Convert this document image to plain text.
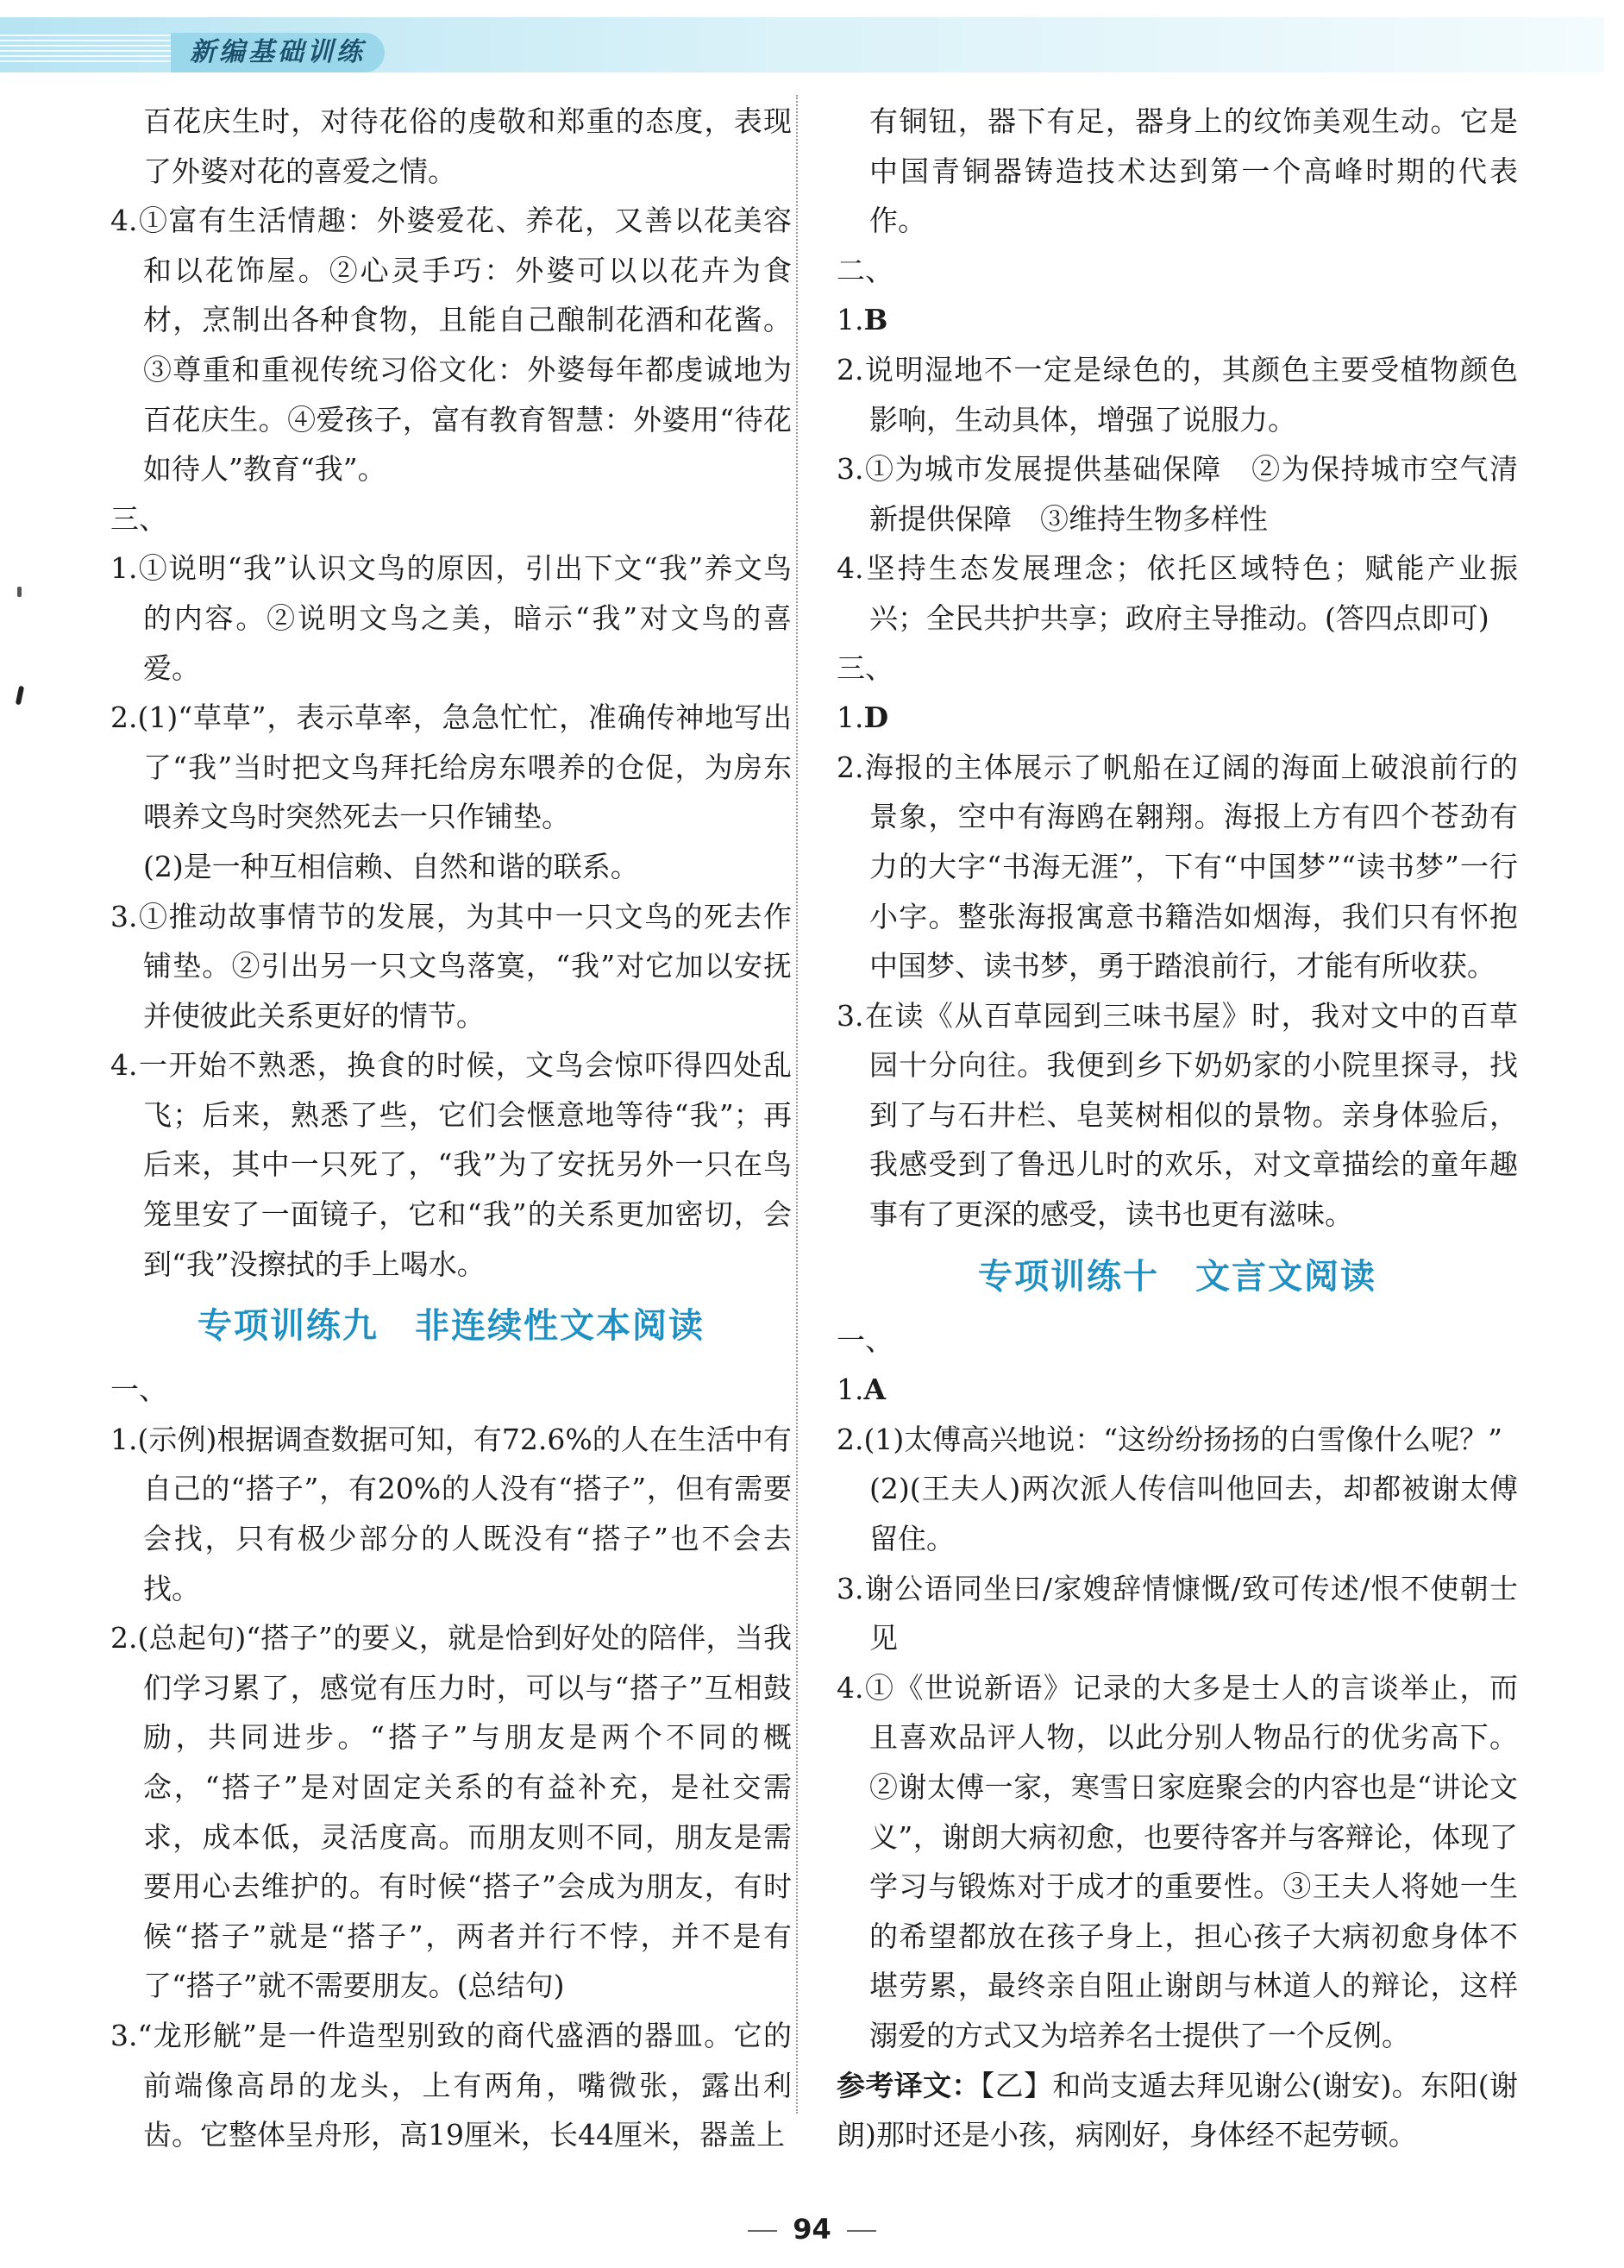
新编基础训练

百花庆生时，对待花俗的虔敬和郑重的态度，表现了外婆对花的喜爱之情。

4.①富有生活情趣：外婆爱花、养花，又善以花美容和以花饰屋。②心灵手巧：外婆可以以花卉为食材，烹制出各种食物，且能自己酿制花酒和花酱。③尊重和重视传统习俗文化：外婆每年都虔诚地为百花庆生。④爱孩子，富有教育智慧：外婆用“待花如待人”教育“我”。

三、

1.①说明“我”认识文鸟的原因，引出下文“我”养文鸟的内容。②说明文鸟之美，暗示“我”对文鸟的喜爱。

2.(1)“草草”，表示草率，急急忙忙，准确传神地写出了“我”当时把文鸟拜托给房东喂养的仓促，为房东喂养文鸟时突然死去一只作铺垫。

(2)是一种互相信赖、自然和谐的联系。

3.①推动故事情节的发展，为其中一只文鸟的死去作铺垫。②引出另一只文鸟落寞，“我”对它加以安抚并使彼此关系更好的情节。

4.一开始不熟悉，换食的时候，文鸟会惊吓得四处乱飞；后来，熟悉了些，它们会惬意地等待“我”；再后来，其中一只死了，“我”为了安抚另外一只在鸟笼里安了一面镜子，它和“我”的关系更加密切，会到“我”没擦拭的手上喝水。

专项训练九　非连续性文本阅读

一、

1.(示例)根据调查数据可知，有72.6%的人在生活中有自己的“搭子”，有20%的人没有“搭子”，但有需要会找，只有极少部分的人既没有“搭子”也不会去找。

2.(总起句)“搭子”的要义，就是恰到好处的陪伴，当我们学习累了，感觉有压力时，可以与“搭子”互相鼓励，共同进步。“搭子”与朋友是两个不同的概念，“搭子”是对固定关系的有益补充，是社交需求，成本低，灵活度高。而朋友则不同，朋友是需要用心去维护的。有时候“搭子”会成为朋友，有时候“搭子”就是“搭子”，两者并行不悖，并不是有了“搭子”就不需要朋友。(总结句)

3.“龙形觥”是一件造型别致的商代盛酒的器皿。它的前端像高昂的龙头，上有两角，嘴微张，露出利齿。它整体呈舟形，高19厘米，长44厘米，器盖上

有铜钮，器下有足，器身上的纹饰美观生动。它是中国青铜器铸造技术达到第一个高峰时期的代表作。

二、

1.B

2.说明湿地不一定是绿色的，其颜色主要受植物颜色影响，生动具体，增强了说服力。

3.①为城市发展提供基础保障　②为保持城市空气清新提供保障　③维持生物多样性

4.坚持生态发展理念；依托区域特色；赋能产业振兴；全民共护共享；政府主导推动。(答四点即可)

三、

1.D

2.海报的主体展示了帆船在辽阔的海面上破浪前行的景象，空中有海鸥在翱翔。海报上方有四个苍劲有力的大字“书海无涯”，下有“中国梦”“读书梦”一行小字。整张海报寓意书籍浩如烟海，我们只有怀抱中国梦、读书梦，勇于踏浪前行，才能有所收获。

3.在读《从百草园到三味书屋》时，我对文中的百草园十分向往。我便到乡下奶奶家的小院里探寻，找到了与石井栏、皂荚树相似的景物。亲身体验后，我感受到了鲁迅儿时的欢乐，对文章描绘的童年趣事有了更深的感受，读书也更有滋味。

专项训练十　文言文阅读

一、

1.A

2.(1)太傅高兴地说：“这纷纷扬扬的白雪像什么呢？”

(2)(王夫人)两次派人传信叫他回去，却都被谢太傅留住。

3.谢公语同坐曰/家嫂辞情慷慨/致可传述/恨不使朝士见

4.①《世说新语》记录的大多是士人的言谈举止，而且喜欢品评人物，以此分别人物品行的优劣高下。②谢太傅一家，寒雪日家庭聚会的内容也是“讲论文义”，谢朗大病初愈，也要待客并与客辩论，体现了学习与锻炼对于成才的重要性。③王夫人将她一生的希望都放在孩子身上，担心孩子大病初愈身体不堪劳累，最终亲自阻止谢朗与林道人的辩论，这样溺爱的方式又为培养名士提供了一个反例。

参考译文：【乙】和尚支遁去拜见谢公(谢安)。东阳(谢朗)那时还是小孩，病刚好，身体经不起劳顿。

94
